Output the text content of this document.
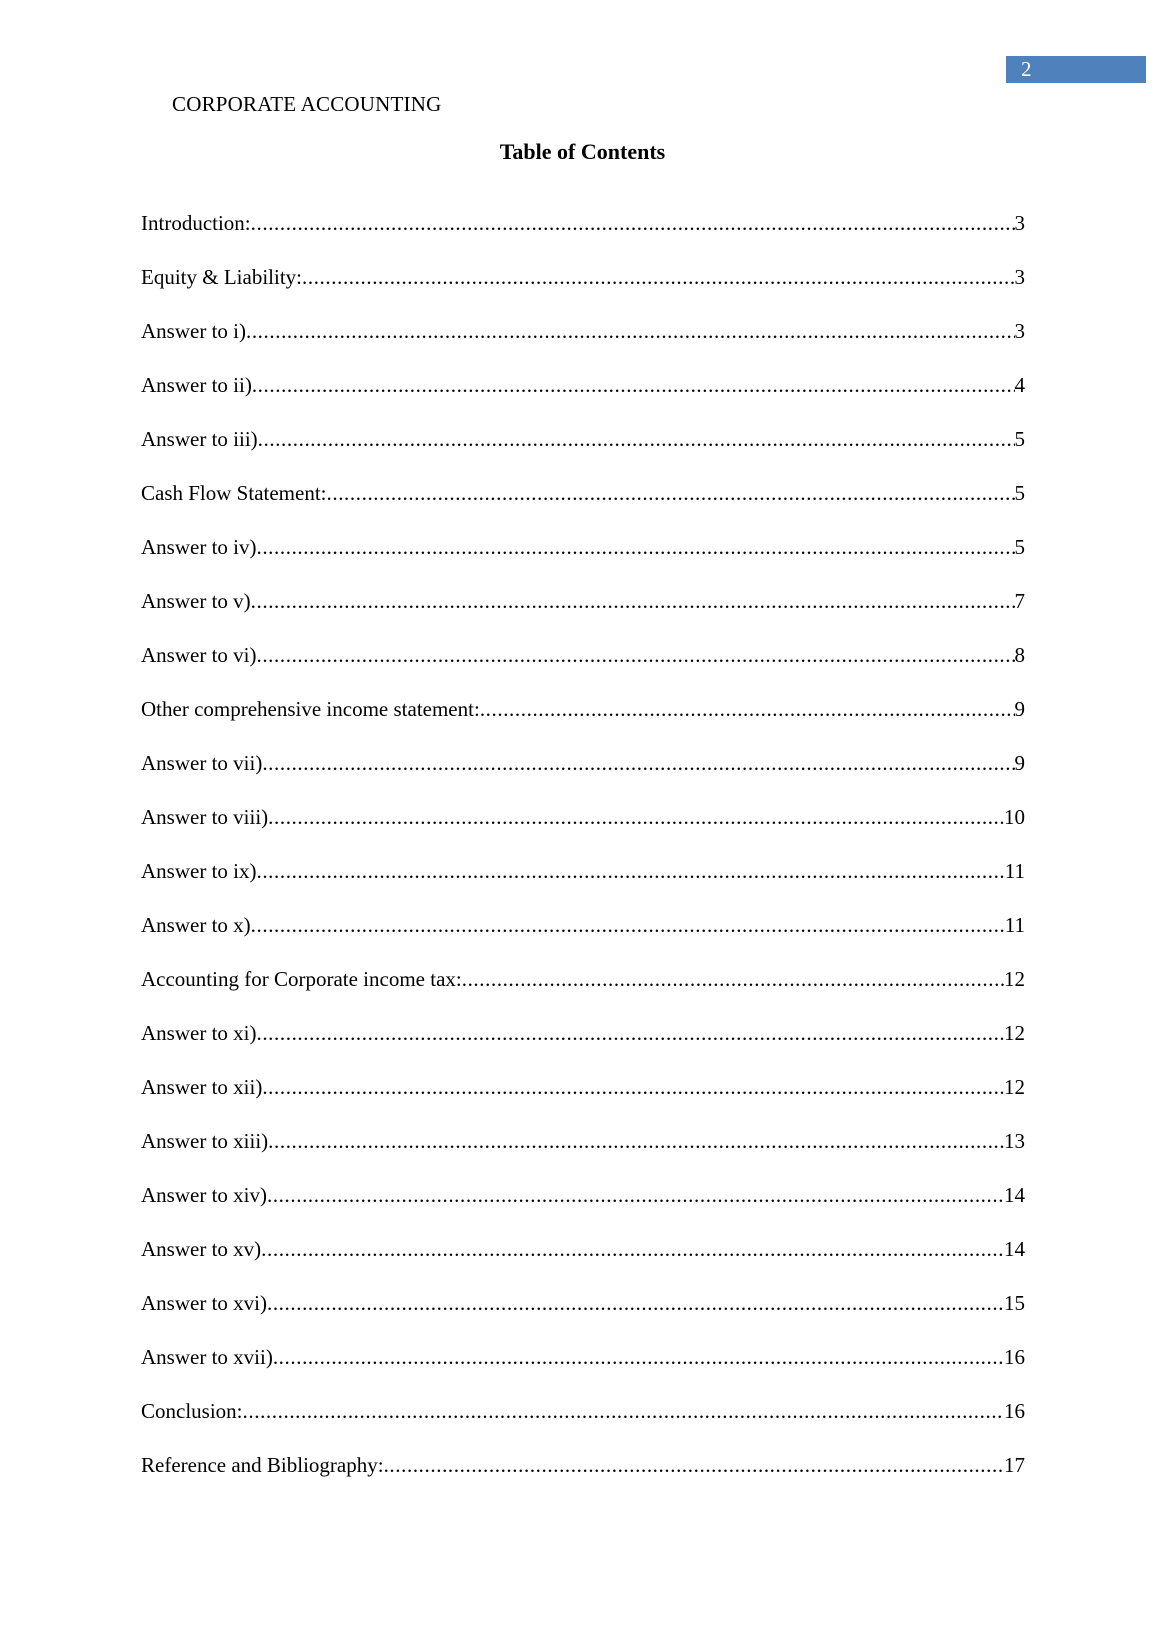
2
CORPORATE ACCOUNTING
Table of Contents
Introduction: .....	3
Equity & Liability: .....	3
Answer to i) .....	3
Answer to ii) .....	4
Answer to iii) .....	5
Cash Flow Statement: .....	5
Answer to iv) .....	5
Answer to v) .....	7
Answer to vi) .....	8
Other comprehensive income statement: .....	9
Answer to vii) .....	9
Answer to viii) .....	10
Answer to ix) .....	11
Answer to x) .....	11
Accounting for Corporate income tax: .....	12
Answer to xi) .....	12
Answer to xii) .....	12
Answer to xiii) .....	13
Answer to xiv) .....	14
Answer to xv) .....	14
Answer to xvi) .....	15
Answer to xvii) .....	16
Conclusion: .....	16
Reference and Bibliography: .....	17
